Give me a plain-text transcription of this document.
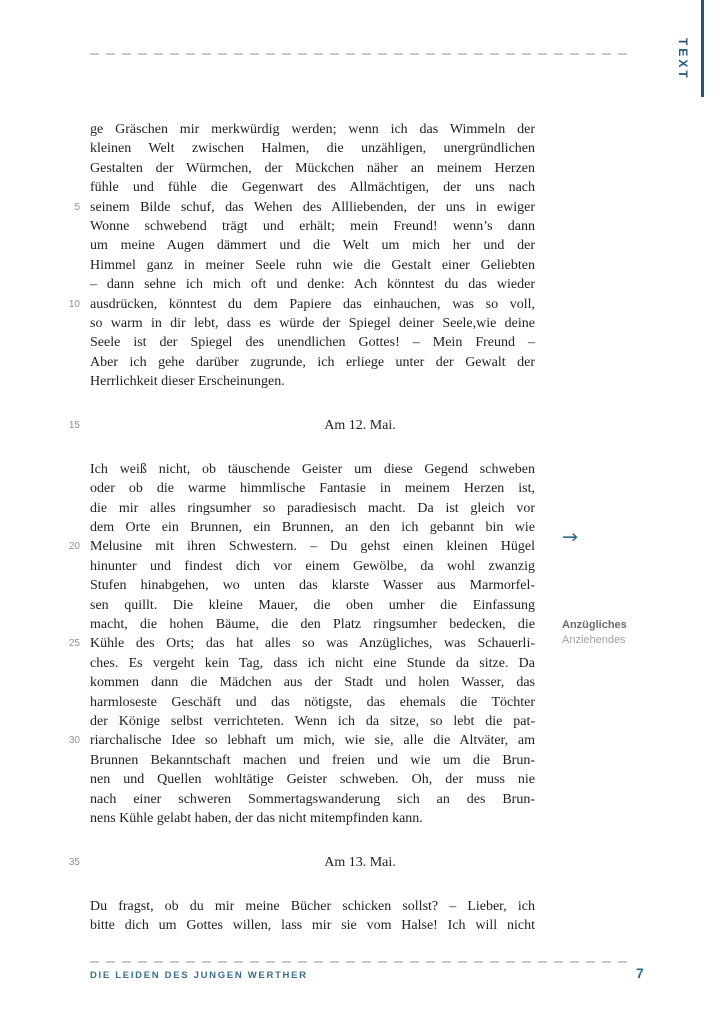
TEXT
ge Gräschen mir merkwürdig werden; wenn ich das Wimmeln der
kleinen Welt zwischen Halmen, die unzähligen, unergründlichen
Gestalten der Würmchen, der Mückchen näher an meinem Herzen
fühle und fühle die Gegenwart des Allmächtigen, der uns nach
seinem Bilde schuf, das Wehen des Allliebenden, der uns in ewiger
5
Wonne schwebend trägt und erhält; mein Freund! wenn’s dann
um meine Augen dämmert und die Welt um mich her und der
Himmel ganz in meiner Seele ruhn wie die Gestalt einer Geliebten
– dann sehne ich mich oft und denke: Ach könntest du das wieder
ausdrücken, könntest du dem Papiere das einhauchen, was so voll,
10
so warm in dir lebt, dass es würde der Spiegel deiner Seele,wie deine
Seele ist der Spiegel des unendlichen Gottes! – Mein Freund –
Aber ich gehe darüber zugrunde, ich erliege unter der Gewalt der
Herrlichkeit dieser Erscheinungen.
Am 12. Mai.
15
Ich weiß nicht, ob täuschende Geister um diese Gegend schweben
oder ob die warme himmlische Fantasie in meinem Herzen ist,
die mir alles ringsumher so paradiesisch macht. Da ist gleich vor
dem Orte ein Brunnen, ein Brunnen, an den ich gebannt bin wie
Melusine mit ihren Schwestern. – Du gehst einen kleinen Hügel
20
hinunter und findest dich vor einem Gewölbe, da wohl zwanzig
Stufen hinabgehen, wo unten das klarste Wasser aus Marmorfel-
sen quillt. Die kleine Mauer, die oben umher die Einfassung
macht, die hohen Bäume, die den Platz ringsumher bedecken, die
Kühle des Orts; das hat alles so was Anzügliches, was Schauerli-
25
ches. Es vergeht kein Tag, dass ich nicht eine Stunde da sitze. Da
kommen dann die Mädchen aus der Stadt und holen Wasser, das
harmloseste Geschäft und das nötigste, das ehemals die Töchter
der Könige selbst verrichteten. Wenn ich da sitze, so lebt die pat-
riarchalische Idee so lebhaft um mich, wie sie, alle die Altväter, am
30
Brunnen Bekanntschaft machen und freien und wie um die Brun-
nen und Quellen wohltätige Geister schweben. Oh, der muss nie
nach einer schweren Sommertagswanderung sich an des Brun-
nens Kühle gelabt haben, der das nicht mitempfinden kann.
Am 13. Mai.
35
Du fragst, ob du mir meine Bücher schicken sollst? – Lieber, ich
bitte dich um Gottes willen, lass mir sie vom Halse! Ich will nicht
→
Anzügliches
Anziehendes
DIE LEIDEN DES JUNGEN WERTHER	7
